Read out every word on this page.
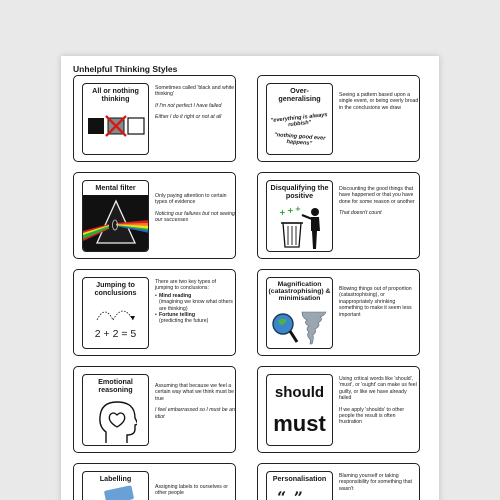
Unhelpful Thinking Styles
All or nothing thinking

Sometimes called 'black and white thinking'

If I'm not perfect I have failed

Either I do it right or not at all

Over-generalising
"everything is always rubbish"
"nothing good ever happens"

Seeing a pattern based upon a single event, or being overly broad in the conclusions we draw

Mental filter

Only paying attention to certain types of evidence

Noticing our failures but not seeing our successes

Disqualifying the positive
+ + +

Discounting the good things that have happened or that you have done for some reason or another

That doesn't count

Jumping to conclusions
2 + 2 = 5

There are two key types of jumping to conclusions:

• Mind reading
(imagining we know what others are thinking)
• Fortune telling
(predicting the future)
Magnification (catastrophising) & minimisation

Blowing things out of proportion (catastrophising), or inappropriately shrinking something to make it seem less important

Emotional reasoning	Assuming that because we feel a certain way what we think must be true

I feel embarrassed so I must be an idiot

should
must

Using critical words like 'should', 'must', or 'ought' can make us feel guilty, or like we have already failed

If we apply 'shoulds' to other people the result is often frustration

Labelling

Assigning labels to ourselves or other people

Personalisation
“ ”

Blaming yourself or taking responsibility for something that wasn't
